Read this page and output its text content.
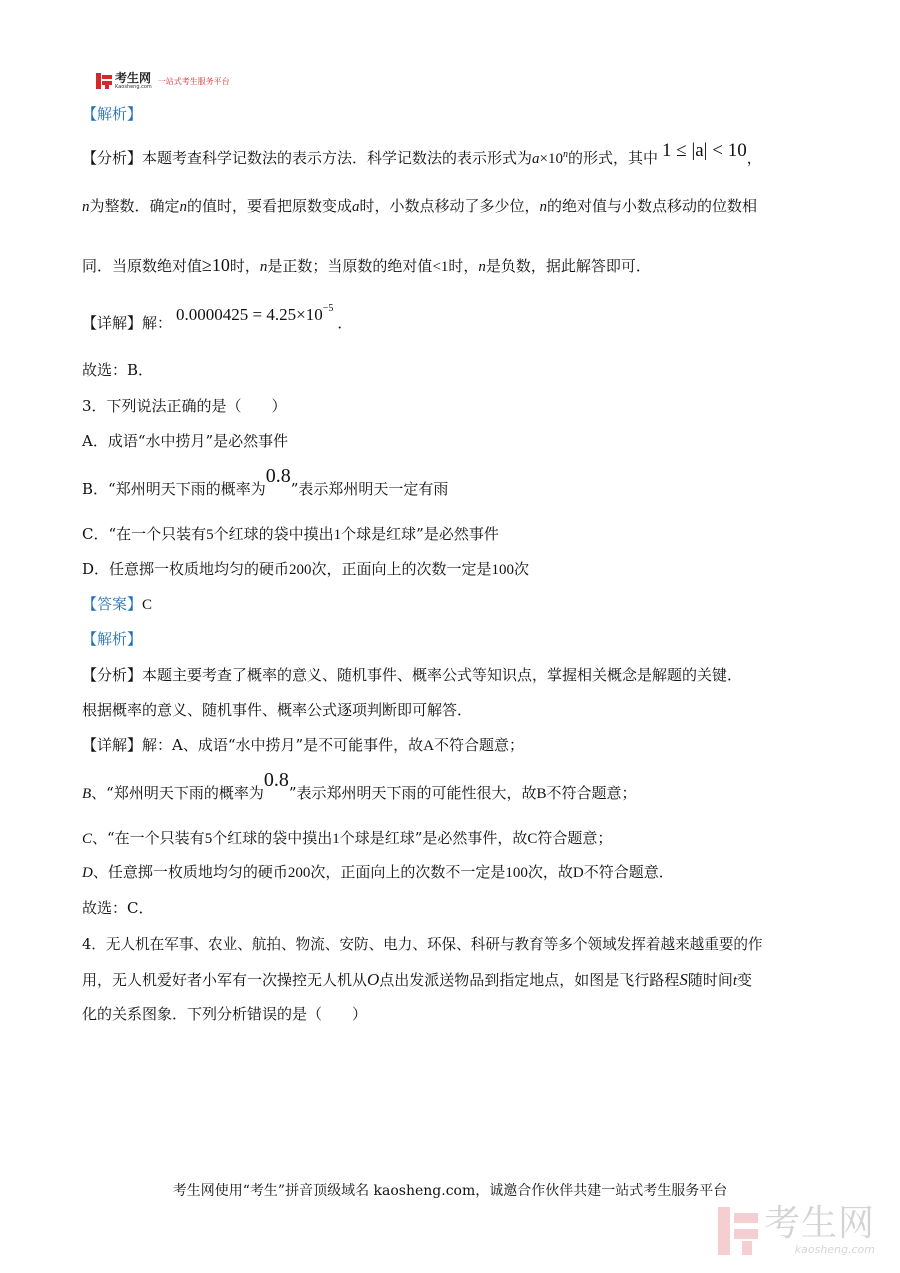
考生网
Kaosheng.com
一站式考生服务平台
【解析】
【分析】本题考查科学记数法的表示方法．科学记数法的表示形式为$a\times 10^n$的形式，其中 1 ≤ |a| < 10，
n为整数．确定n的值时，要看把原数变成a时，小数点移动了多少位，n的绝对值与小数点移动的位数相
同．当原数绝对值≥10时，n是正数；当原数的绝对值<1时，n是负数，据此解答即可．
【详解】解： $0.0000425 = 4.25\times 10^{-5}$．
故选：B．
3．下列说法正确的是（　　）
A．成语“水中捞月”是必然事件
B．“郑州明天下雨的概率为0.8”表示郑州明天一定有雨
C．“在一个只装有5个红球的袋中摸出1个球是红球”是必然事件
D．任意掷一枚质地均匀的硬币200次，正面向上的次数一定是100次
【答案】C
【解析】
【分析】本题主要考查了概率的意义、随机事件、概率公式等知识点，掌握相关概念是解题的关键．
根据概率的意义、随机事件、概率公式逐项判断即可解答．
【详解】解：A、成语“水中捞月”是不可能事件，故A不符合题意；
B、“郑州明天下雨的概率为0.8”表示郑州明天下雨的可能性很大，故B不符合题意；
C、“在一个只装有5个红球的袋中摸出1个球是红球”是必然事件，故C符合题意；
D、任意掷一枚质地均匀的硬币200次，正面向上的次数不一定是100次，故D不符合题意．
故选：C．
4．无人机在军事、农业、航拍、物流、安防、电力、环保、科研与教育等多个领域发挥着越来越重要的作
用，无人机爱好者小军有一次操控无人机从O点出发派送物品到指定地点，如图是飞行路程S随时间t变
化的关系图象．下列分析错误的是（　　）
考生网使用“考生”拼音顶级域名 kaosheng.com，诚邀合作伙伴共建一站式考生服务平台
考生网
kaosheng.com
